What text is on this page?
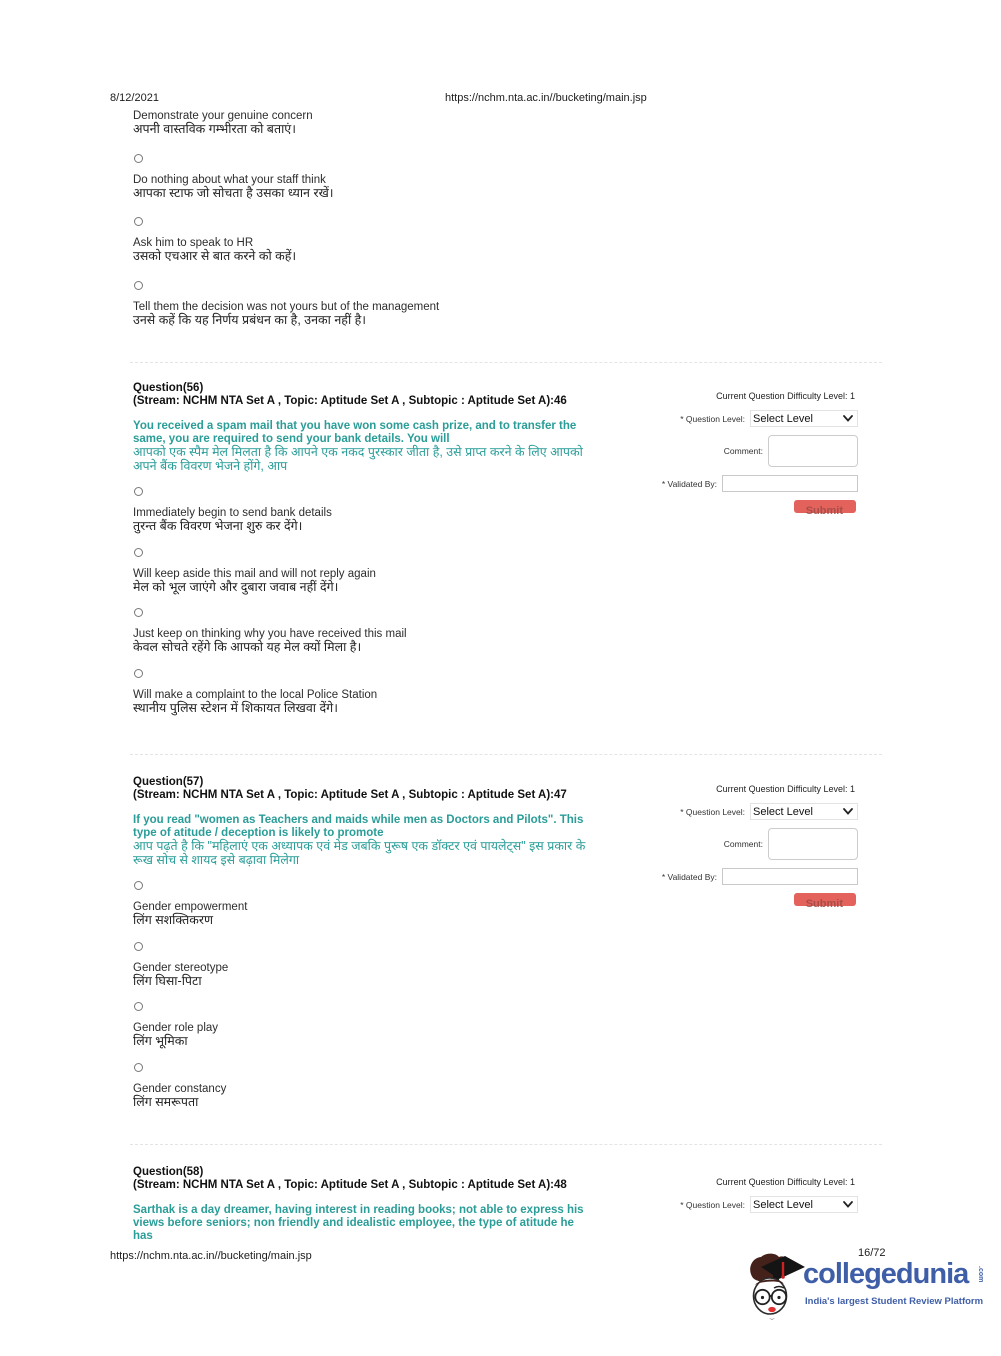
8/12/2021	https://nchm.nta.ac.in//bucketing/main.jsp
Demonstrate your genuine concern
अपनी वास्तविक गम्भीरता को बताएं।
Do nothing about what your staff think
आपका स्टाफ जो सोचता है उसका ध्यान रखें।
Ask him to speak to HR
उसको एचआर से बात करने को कहें।
Tell them the decision was not yours but of the management
उनसे कहें कि यह निर्णय प्रबंधन का है, उनका नहीं है।
Question(56)
(Stream: NCHM NTA Set A , Topic: Aptitude Set A , Subtopic : Aptitude Set A):46
You received a spam mail that you have won some cash prize, and to transfer the same, you are required to send your bank details. You will
आपको एक स्पैम मेल मिलता है कि आपने एक नकद पुरस्कार जीता है, उसे प्राप्त करने के लिए आपको अपने बैंक विवरण भेजने होंगे, आप
Immediately begin to send bank details
तुरन्त बैंक विवरण भेजना शुरु कर देंगे।
Will keep aside this mail and will not reply again
मेल को भूल जाएंगे और दुबारा जवाब नहीं देंगे।
Just keep on thinking why you have received this mail
केवल सोचते रहेंगे कि आपको यह मेल क्यों मिला है।
Will make a complaint to the local Police Station
स्थानीय पुलिस स्टेशन में शिकायत लिखवा देंगे।
Current Question Difficulty Level: 1
* Question Level: Select Level
Comment:
* Validated By:
Submit
Question(57)
(Stream: NCHM NTA Set A , Topic: Aptitude Set A , Subtopic : Aptitude Set A):47
If you read "women as Teachers and maids while men as Doctors and Pilots". This type of atitude / deception is likely to promote
आप पढ़ते है कि "महिलाएं एक अध्यापक एवं मेड जबकि पुरूष एक डॉक्टर एवं पायलेट्स" इस प्रकार के रूख सोच से शायद इसे बढ़ावा मिलेगा
Gender empowerment
लिंग सशक्तिकरण
Gender stereotype
लिंग घिसा-पिटा
Gender role play
लिंग भूमिका
Gender constancy
लिंग समरूपता
Current Question Difficulty Level: 1
* Question Level: Select Level
Comment:
* Validated By:
Submit
Question(58)
(Stream: NCHM NTA Set A , Topic: Aptitude Set A , Subtopic : Aptitude Set A):48
Sarthak is a day dreamer, having interest in reading books; not able to express his views before seniors; non friendly and idealistic employee, the type of atitude he has
Current Question Difficulty Level: 1
* Question Level: Select Level
https://nchm.nta.ac.in//bucketing/main.jsp	16/72
collegedunia .com
India's largest Student Review Platform
